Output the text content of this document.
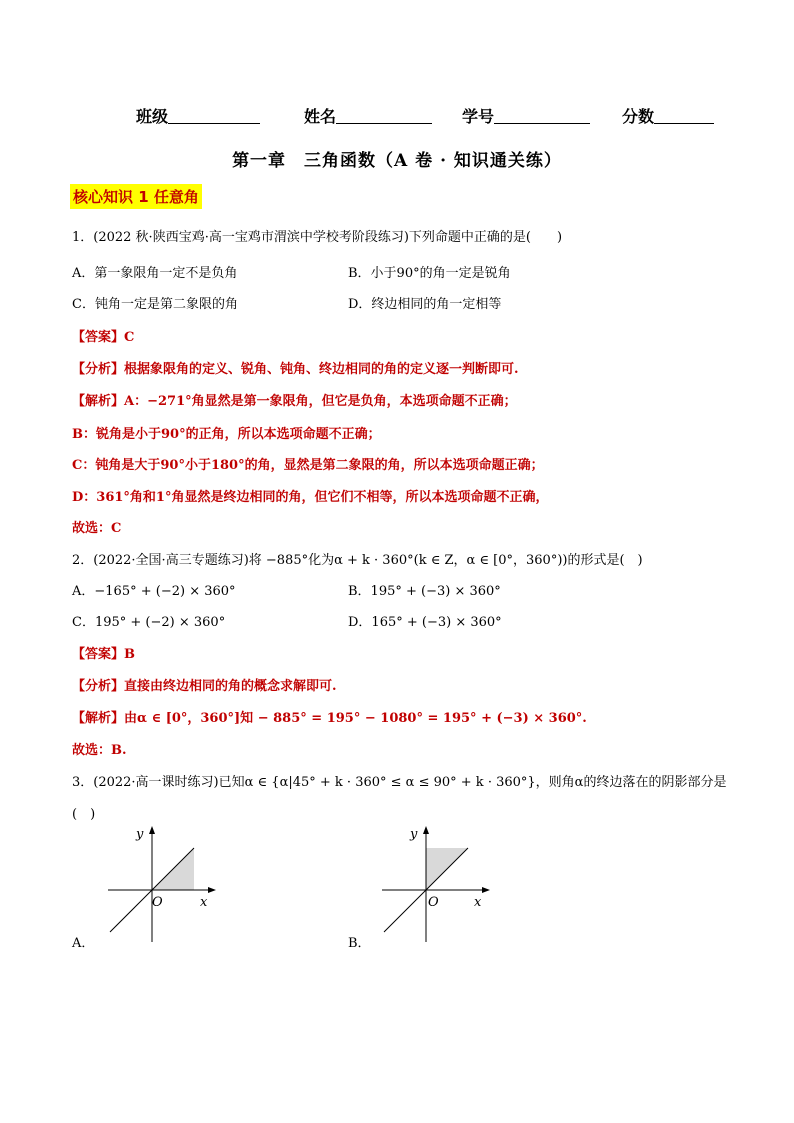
班级	姓名	学号	分数
第一章　三角函数（A 卷 · 知识通关练）
核心知识 1 任意角
1．(2022 秋·陕西宝鸡·高一宝鸡市渭滨中学校考阶段练习)下列命题中正确的是(　　)
A．第一象限角一定不是负角	B．小于90°的角一定是锐角
C．钝角一定是第二象限的角	D．终边相同的角一定相等
【答案】C
【分析】根据象限角的定义、锐角、钝角、终边相同的角的定义逐一判断即可.
【解析】A：−271°角显然是第一象限角，但它是负角，本选项命题不正确；
B：锐角是小于90°的正角，所以本选项命题不正确；
C：钝角是大于90°小于180°的角，显然是第二象限的角，所以本选项命题正确；
D：361°角和1°角显然是终边相同的角，但它们不相等，所以本选项命题不正确，
故选：C
2．(2022·全国·高三专题练习)将 −885°化为α + k · 360°(k ∈ Z，α ∈ [0°，360°))的形式是(　)
A．−165° + (−2) × 360°	B．195° + (−3) × 360°
C．195° + (−2) × 360°	D．165° + (−3) × 360°
【答案】B
【分析】直接由终边相同的角的概念求解即可.
【解析】由α ∈ [0°，360°]知 − 885° = 195° − 1080° = 195° + (−3) × 360°.
故选：B.
3．(2022·高一课时练习)已知α ∈ {α|45° + k · 360° ≤ α ≤ 90° + k · 360°}，则角α的终边落在的阴影部分是
(　)
y
x
O
A．
y
x
O
B．
